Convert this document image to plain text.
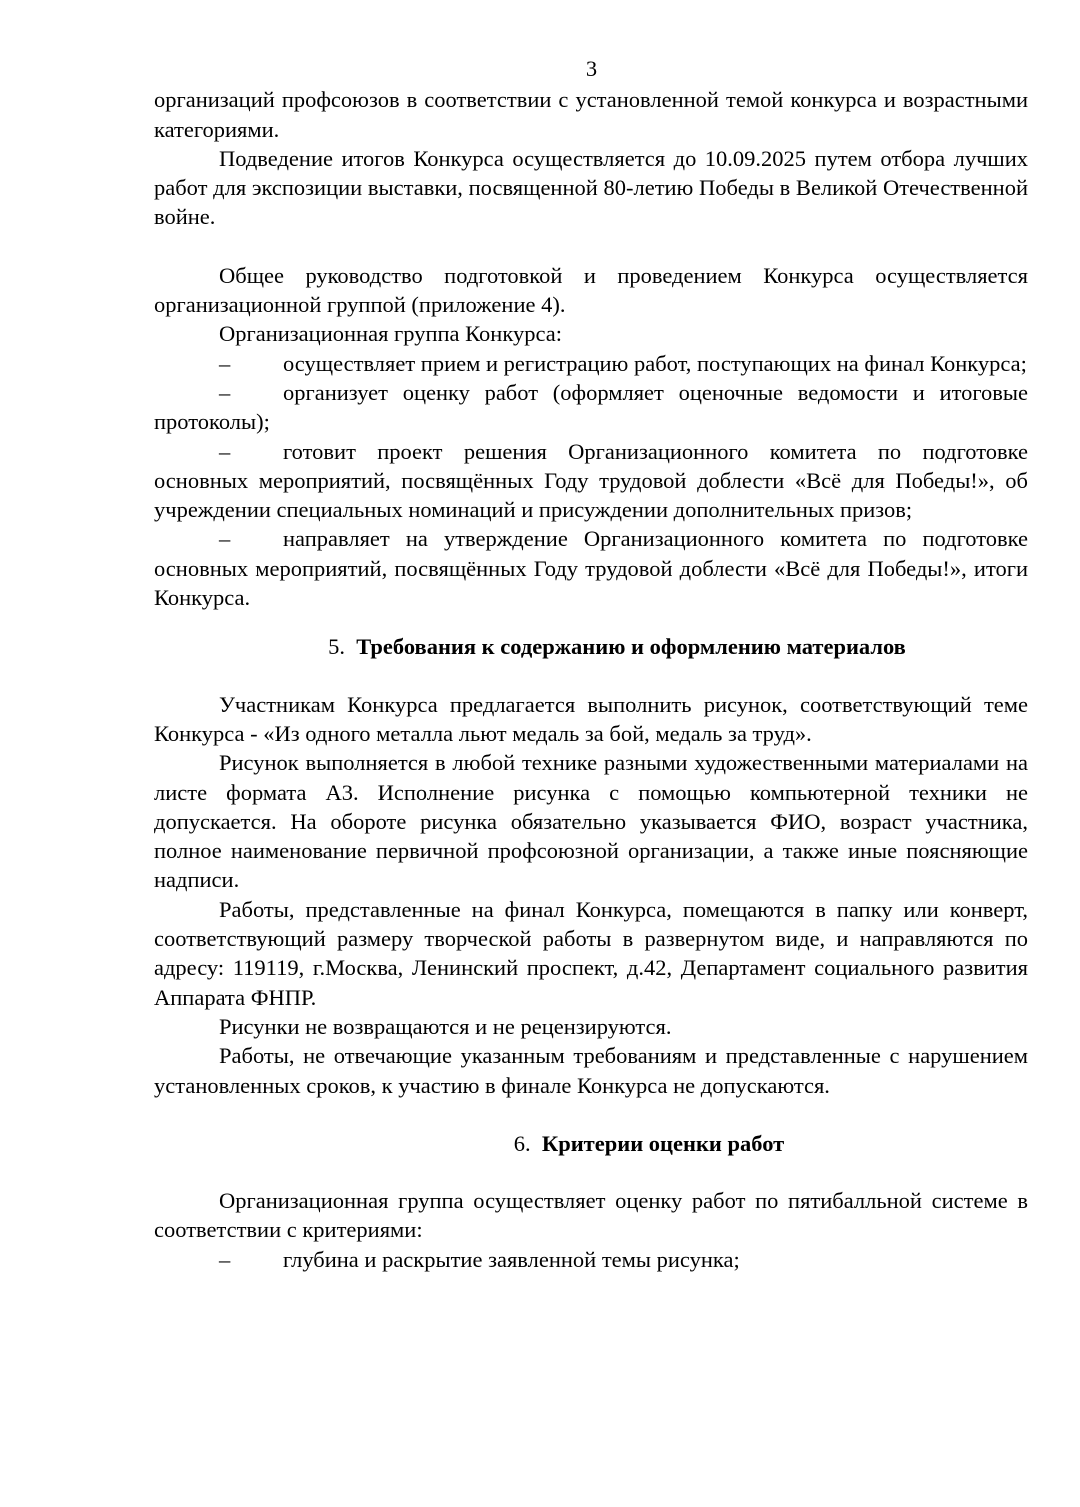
3

организаций профсоюзов в соответствии с установленной темой конкурса и возрастными категориями.

Подведение итогов Конкурса осуществляется до 10.09.2025 путем отбора лучших работ для экспозиции выставки, посвященной 80-летию Победы в Великой Отечественной войне.

Общее руководство подготовкой и проведением Конкурса осуществляется организационной группой (приложение 4).

Организационная группа Конкурса:

– осуществляет прием и регистрацию работ, поступающих на финал Конкурса;

– организует оценку работ (оформляет оценочные ведомости и итоговые протоколы);

– готовит проект решения Организационного комитета по подготовке основных мероприятий, посвящённых Году трудовой доблести «Всё для Победы!», об учреждении специальных номинаций и присуждении дополнительных призов;

– направляет на утверждение Организационного комитета по подготовке основных мероприятий, посвящённых Году трудовой доблести «Всё для Победы!», итоги Конкурса.

5. Требования к содержанию и оформлению материалов

Участникам Конкурса предлагается выполнить рисунок, соответствующий теме Конкурса - «Из одного металла льют медаль за бой, медаль за труд».

Рисунок выполняется в любой технике разными художественными материалами на листе формата А3. Исполнение рисунка с помощью компьютерной техники не допускается. На обороте рисунка обязательно указывается ФИО, возраст участника, полное наименование первичной профсоюзной организации, а также иные поясняющие надписи.

Работы, представленные на финал Конкурса, помещаются в папку или конверт, соответствующий размеру творческой работы в развернутом виде, и направляются по адресу: 119119, г.Москва, Ленинский проспект, д.42, Департамент социального развития Аппарата ФНПР.

Рисунки не возвращаются и не рецензируются.

Работы, не отвечающие указанным требованиям и представленные с нарушением установленных сроков, к участию в финале Конкурса не допускаются.

6. Критерии оценки работ

Организационная группа осуществляет оценку работ по пятибалльной системе в соответствии с критериями:

– глубина и раскрытие заявленной темы рисунка;
